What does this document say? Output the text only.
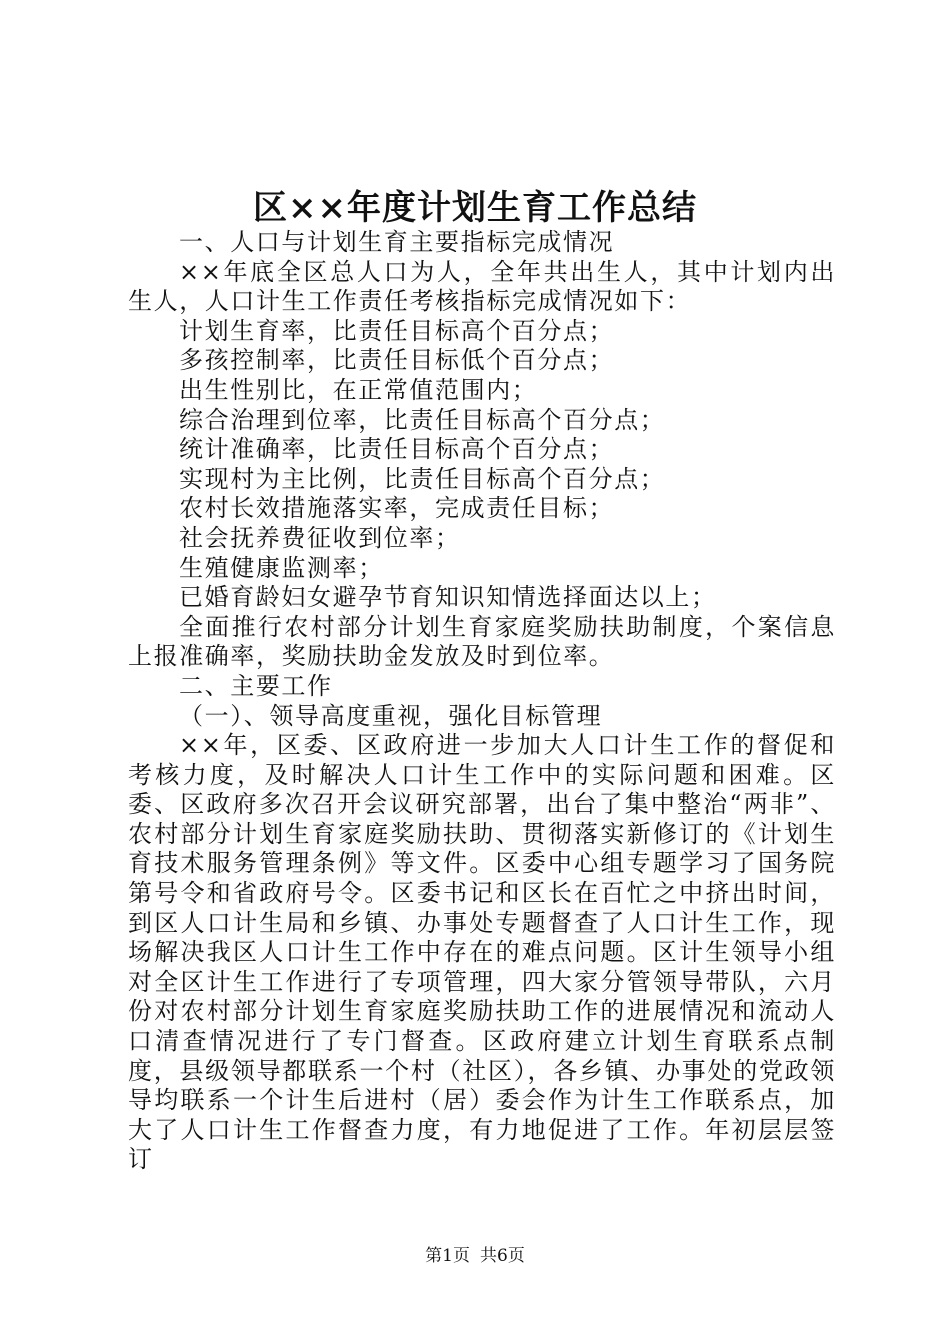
区××年度计划生育工作总结

一、人口与计划生育主要指标完成情况

××年底全区总人口为人，全年共出生人，其中计划内出生人，人口计生工作责任考核指标完成情况如下：

计划生育率，比责任目标高个百分点；

多孩控制率，比责任目标低个百分点；

出生性别比，在正常值范围内；

综合治理到位率，比责任目标高个百分点；

统计准确率，比责任目标高个百分点；

实现村为主比例，比责任目标高个百分点；

农村长效措施落实率，完成责任目标；

社会抚养费征收到位率；

生殖健康监测率；

已婚育龄妇女避孕节育知识知情选择面达以上；

全面推行农村部分计划生育家庭奖励扶助制度，个案信息上报准确率，奖励扶助金发放及时到位率。

二、主要工作

（一）、领导高度重视，强化目标管理

××年，区委、区政府进一步加大人口计生工作的督促和考核力度，及时解决人口计生工作中的实际问题和困难。区委、区政府多次召开会议研究部署，出台了集中整治“两非”、农村部分计划生育家庭奖励扶助、贯彻落实新修订的《计划生育技术服务管理条例》等文件。区委中心组专题学习了国务院第号令和省政府号令。区委书记和区长在百忙之中挤出时间，到区人口计生局和乡镇、办事处专题督查了人口计生工作，现场解决我区人口计生工作中存在的难点问题。区计生领导小组对全区计生工作进行了专项管理，四大家分管领导带队，六月份对农村部分计划生育家庭奖励扶助工作的进展情况和流动人口清查情况进行了专门督查。区政府建立计划生育联系点制度，县级领导都联系一个村（社区），各乡镇、办事处的党政领导均联系一个计生后进村（居）委会作为计生工作联系点，加大了人口计生工作督查力度，有力地促进了工作。年初层层签订

第1页 共6页
